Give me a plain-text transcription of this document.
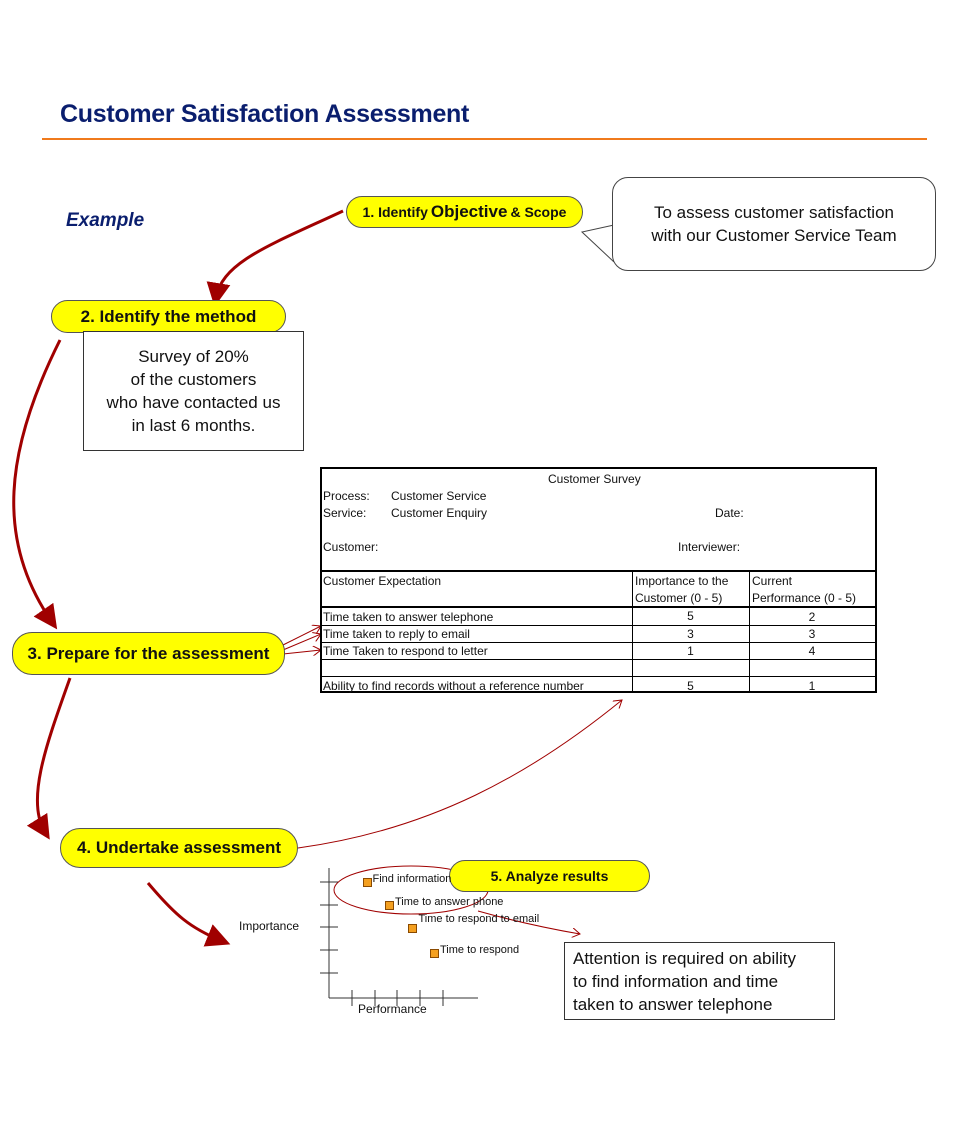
Customer Satisfaction Assessment
Example	1. Identify Objective & Scope	To assess customer satisfaction
with our Customer Service Team
2. Identify the method
Survey of 20%
of the customers
who have contacted us
in last 6 months.
3. Prepare for the assessment
4. Undertake assessment
5. Analyze results
Customer Survey
Process: Customer Service
Service: Customer Enquiry	Date:
Customer:	Interviewer:
Customer Expectation	Importance to the
Customer (0 - 5)
Current
Performance (0 - 5)
Time taken to answer telephone	5	2
Time taken to reply to email	3	3
Time Taken to respond to letter	1	4
Ability to find records without a reference number	5	1
Importance
Performance
Find information
Time to answer phone
Time to respond to email
Time to respond	Attention is required on ability
to find information and time
taken to answer telephone
